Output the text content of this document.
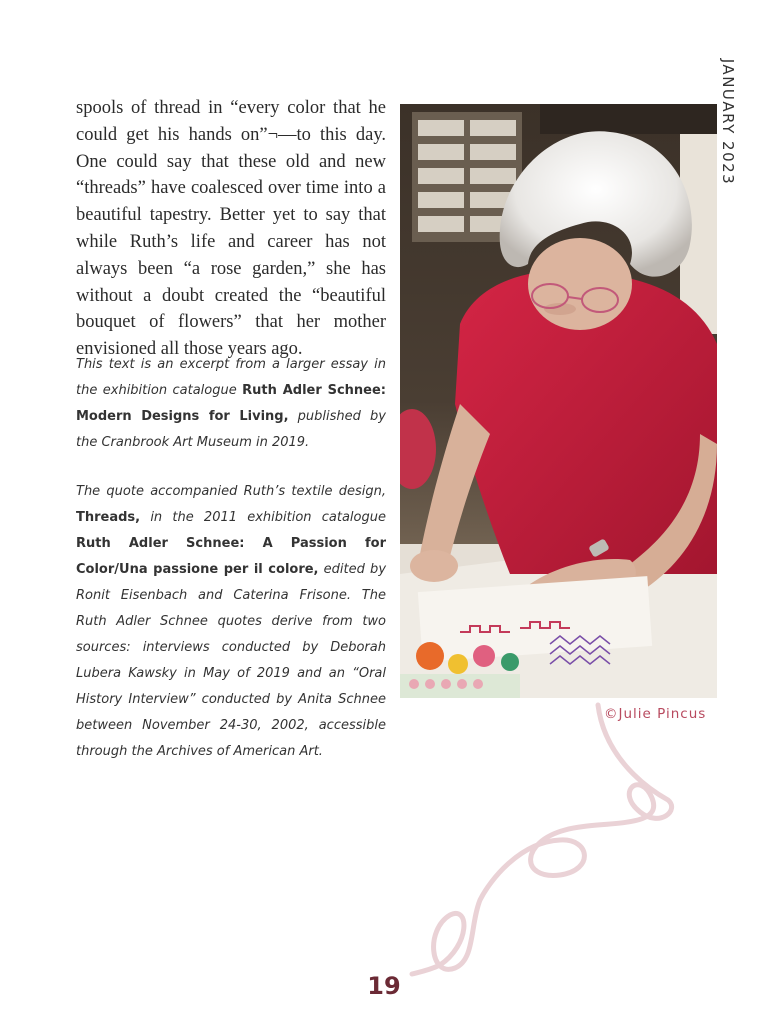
JANUARY 2023

spools of thread in “every color that he could get his hands on”¬—to this day. One could say that these old and new “threads” have coalesced over time into a beautiful tapestry. Better yet to say that while Ruth’s life and career has not always been “a rose garden,” she has without a doubt created the “beautiful bouquet of flowers” that her mother envisioned all those years ago.

This text is an excerpt from a larger essay in the exhibition catalogue Ruth Adler Schnee: Modern Designs for Living, published by the Cranbrook Art Museum in 2019.

The quote accompanied Ruth’s textile design, Threads, in the 2011 exhibition catalogue Ruth Adler Schnee: A Passion for Color/Una passione per il colore, edited by Ronit Eisenbach and Caterina Frisone. The Ruth Adler Schnee quotes derive from two sources: interviews conducted by Deborah Lubera Kawsky in May of 2019 and an “Oral History Interview” conducted by Anita Schnee between November 24-30, 2002, accessible through the Archives of American Art.

©Julie Pincus
19
